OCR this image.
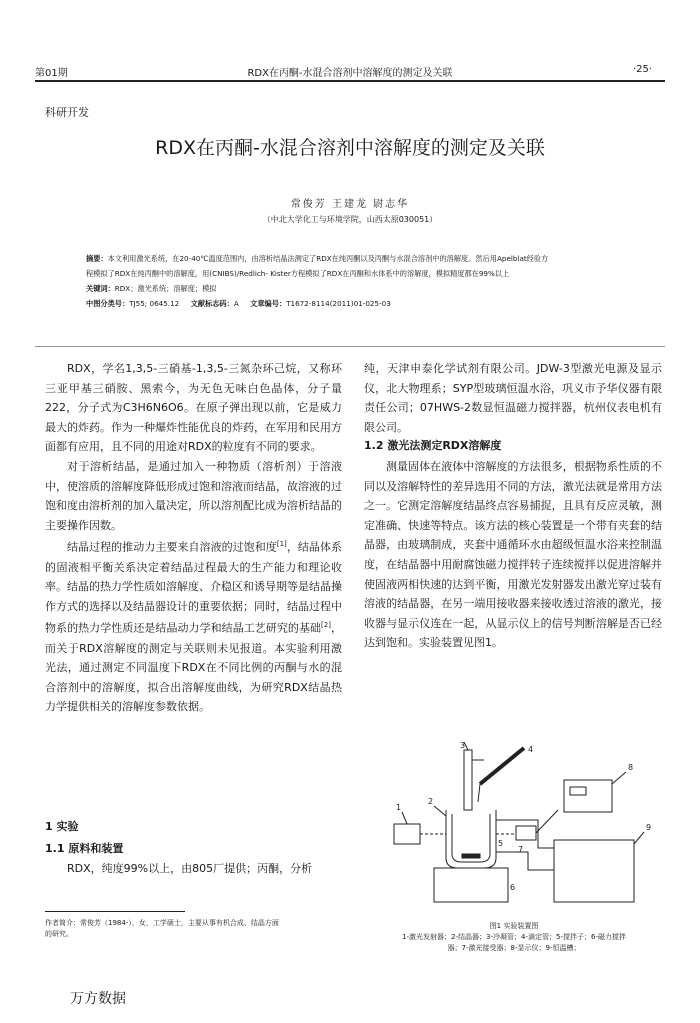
第01期	RDX在丙酮-水混合溶剂中溶解度的测定及关联	·25·
科研开发
RDX在丙酮-水混合溶剂中溶解度的测定及关联
常俊芳 王建龙 尉志华
（中北大学化工与环境学院，山西太原030051）
摘要：本文利用激光系统，在20-40℃温度范围内，由溶析结晶法测定了RDX在纯丙酮以及丙酮与水混合溶剂中的溶解度。然后用Apelblat经验方
程模拟了RDX在纯丙酮中的溶解度，用(CNIBS)/Redlich- Kister方程模拟了RDX在丙酮和水体系中的溶解度，模拟精度都在99%以上
关键词：RDX；激光系统；溶解度；模拟
中图分类号：TJ55; 0645.12 文献标志码：A 文章编号：T1672-8114(2011)01-025-03

RDX，学名1,3,5-三硝基-1,3,5-三氮杂环己烷，又称环三亚甲基三硝胺、黑索今，为无色无味白色晶体，分子量222，分子式为C3H6N6O6。在原子弹出现以前，它是威力最大的炸药。作为一种爆炸性能优良的炸药，在军用和民用方面都有应用，且不同的用途对RDX的粒度有不同的要求。

对于溶析结晶，是通过加入一种物质（溶析剂）于溶液中，使溶质的溶解度降低形成过饱和溶液而结晶，故溶液的过饱和度由溶析剂的加入量决定，所以溶剂配比成为溶析结晶的主要操作因数。

结晶过程的推动力主要来自溶液的过饱和度[1]，结晶体系的固液相平衡关系决定着结晶过程最大的生产能力和理论收率。结晶的热力学性质如溶解度、介稳区和诱导期等是结晶操作方式的选择以及结晶器设计的重要依据；同时，结晶过程中物系的热力学性质还是结晶动力学和结晶工艺研究的基础[2]，而关于RDX溶解度的测定与关联则未见报道。本实验利用激光法，通过测定不同温度下RDX在不同比例的丙酮与水的混合溶剂中的溶解度，拟合出溶解度曲线，为研究RDX结晶热力学提供相关的溶解度参数依据。

1 实验
1.1 原料和装置

RDX，纯度99%以上，由805厂提供；丙酮，分析

作者简介：常俊芳（1984-），女，工学硕士，主要从事有机合成、结晶方面
的研究。

纯，天津申泰化学试剂有限公司。JDW-3型激光电源及显示仪，北大物理系；SYP型玻璃恒温水浴，巩义市予华仪器有限责任公司；07HWS-2数显恒温磁力搅拌器，杭州仪表电机有限公司。

1.2 激光法测定RDX溶解度

测量固体在液体中溶解度的方法很多，根据物系性质的不同以及溶解特性的差异选用不同的方法，激光法就是常用方法之一。它测定溶解度结晶终点容易捕捉，且具有反应灵敏，测定准确、快速等特点。该方法的核心装置是一个带有夹套的结晶器，由玻璃制成，夹套中通循环水由超级恒温水浴来控制温度，在结晶器中用耐腐蚀磁力搅拌转子连续搅拌以促进溶解并使固液两相快速的达到平衡，用激光发射器发出激光穿过装有溶液的结晶器，在另一端用接收器来接收透过溶液的激光，接收器与显示仪连在一起，从显示仪上的信号判断溶解是否已经达到饱和。实验装置见图1。

1
2
3	4
5
6
7
8
9
图1 实验装置图
1-激光发射器；2-结晶器；3-冷凝管；4-滴定管；5-搅拌子；6-磁力搅拌
器；7-激光接受器；8-显示仪；9-恒温槽；
万方数据
